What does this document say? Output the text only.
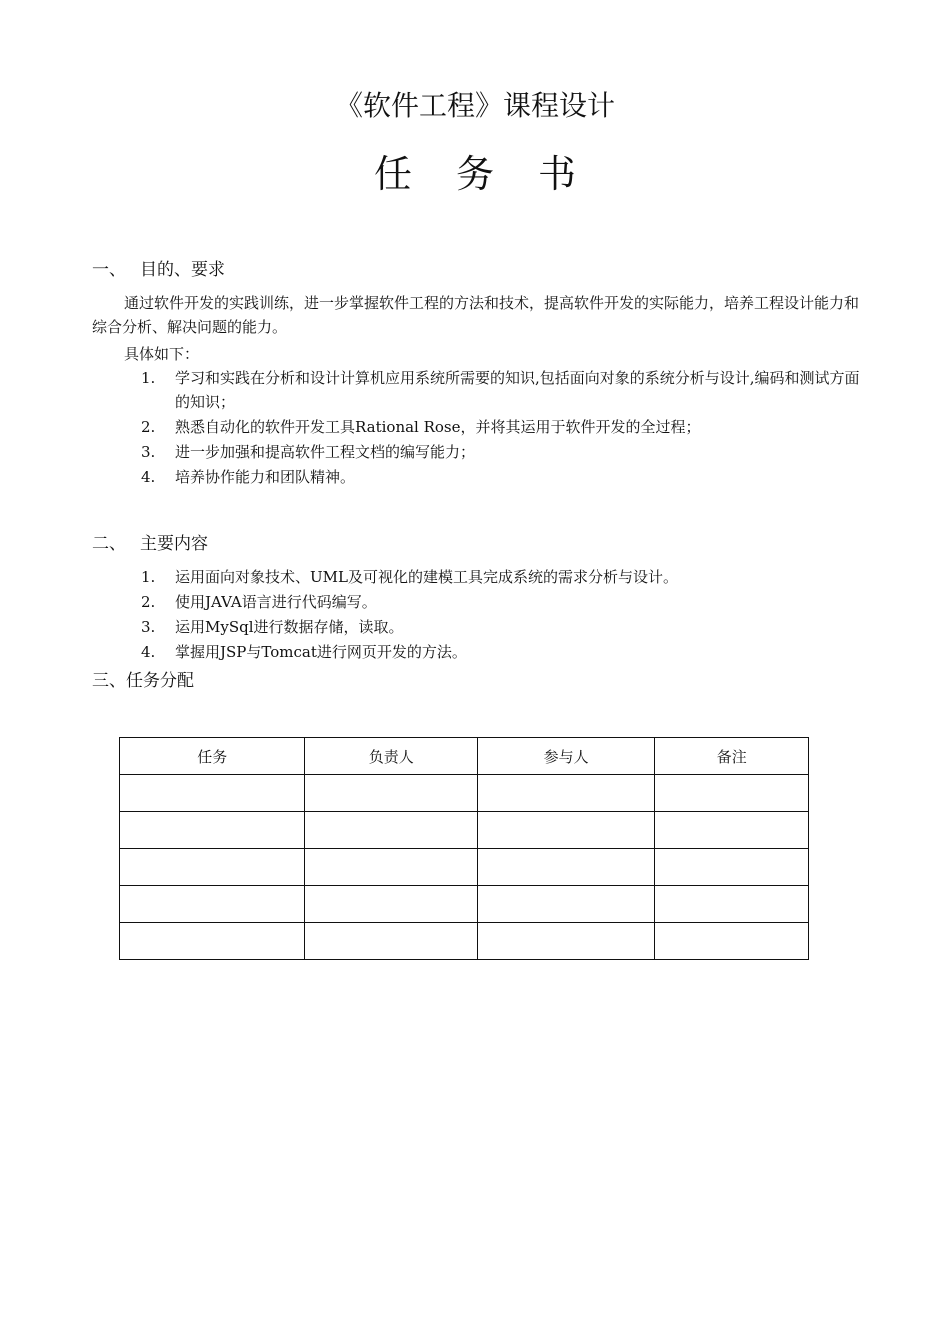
《软件工程》课程设计
任 务 书
一、 目的、要求
通过软件开发的实践训练，进一步掌握软件工程的方法和技术，提高软件开发的实际能力，培养工程设计能力和综合分析、解决问题的能力。
具体如下：
1.	学习和实践在分析和设计计算机应用系统所需要的知识,包括面向对象的系统分析与设计,编码和测试方面的知识；
2.	熟悉自动化的软件开发工具Rational Rose，并将其运用于软件开发的全过程；
3.	进一步加强和提高软件工程文档的编写能力；
4.	培养协作能力和团队精神。
二、 主要内容
1.	运用面向对象技术、UML及可视化的建模工具完成系统的需求分析与设计。
2.	使用JAVA语言进行代码编写。
3.	运用MySql进行数据存储，读取。
4.	掌握用JSP与Tomcat进行网页开发的方法。
三、任务分配
任务	负责人	参与人	备注
